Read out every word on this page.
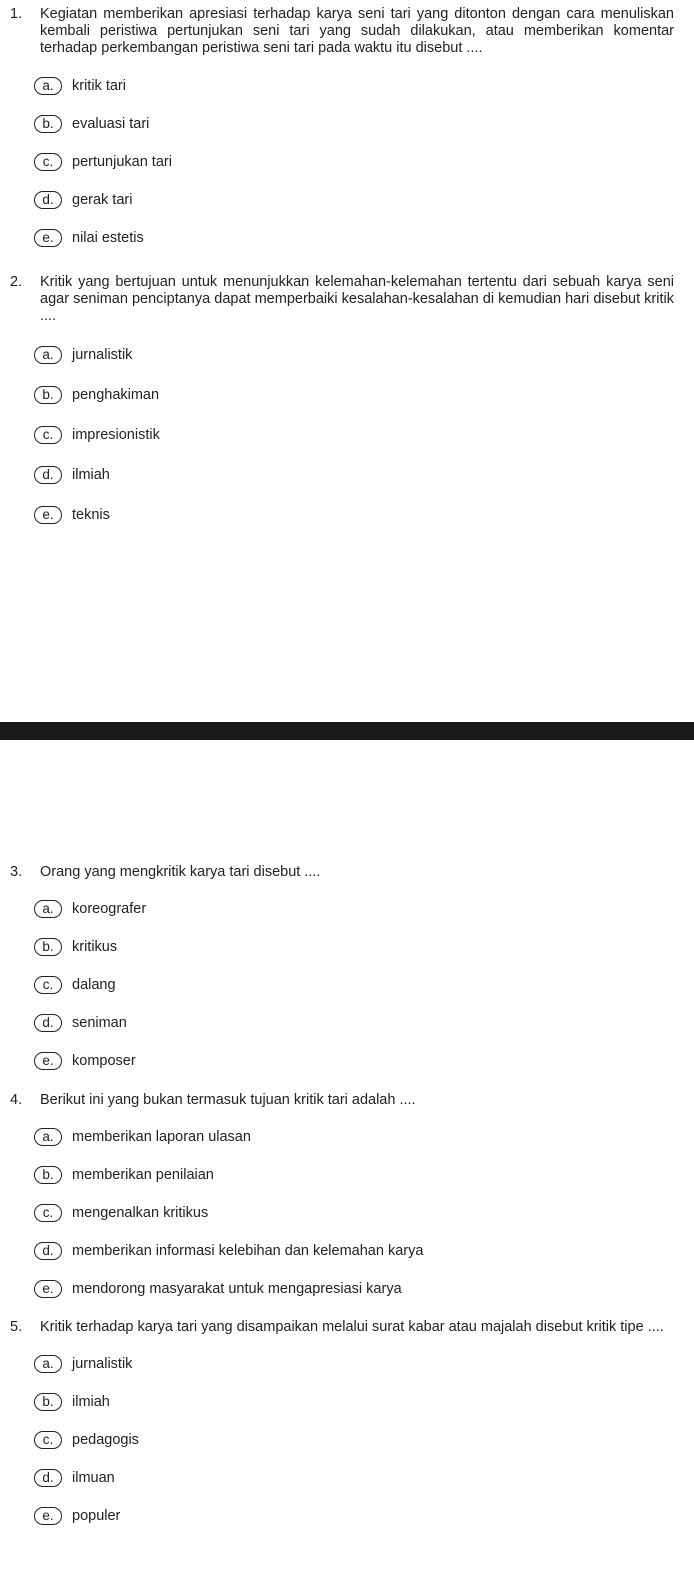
1.	Kegiatan memberikan apresiasi terhadap karya seni tari yang ditonton dengan cara menuliskan kembali peristiwa pertunjukan seni tari yang sudah dilakukan, atau memberikan komentar terhadap perkembangan peristiwa seni tari pada waktu itu disebut ....
a.	kritik tari
b.	evaluasi tari
c.	pertunjukan tari
d.	gerak tari
e.	nilai estetis
2.	Kritik yang bertujuan untuk menunjukkan kelemahan-kelemahan tertentu dari sebuah karya seni agar seniman penciptanya dapat memperbaiki kesalahan-kesalahan di kemudian hari disebut kritik ....
a.	jurnalistik
b.	penghakiman
c.	impresionistik
d.	ilmiah
e.	teknis
3.	Orang yang mengkritik karya tari disebut ....
a.	koreografer
b.	kritikus
c.	dalang
d.	seniman
e.	komposer
4.	Berikut ini yang bukan termasuk tujuan kritik tari adalah ....
a.	memberikan laporan ulasan
b.	memberikan penilaian
c.	mengenalkan kritikus
d.	memberikan informasi kelebihan dan kelemahan karya
e.	mendorong masyarakat untuk mengapresiasi karya
5.	Kritik terhadap karya tari yang disampaikan melalui surat kabar atau majalah disebut kritik tipe ....
a.	jurnalistik
b.	ilmiah
c.	pedagogis
d.	ilmuan
e.	populer
